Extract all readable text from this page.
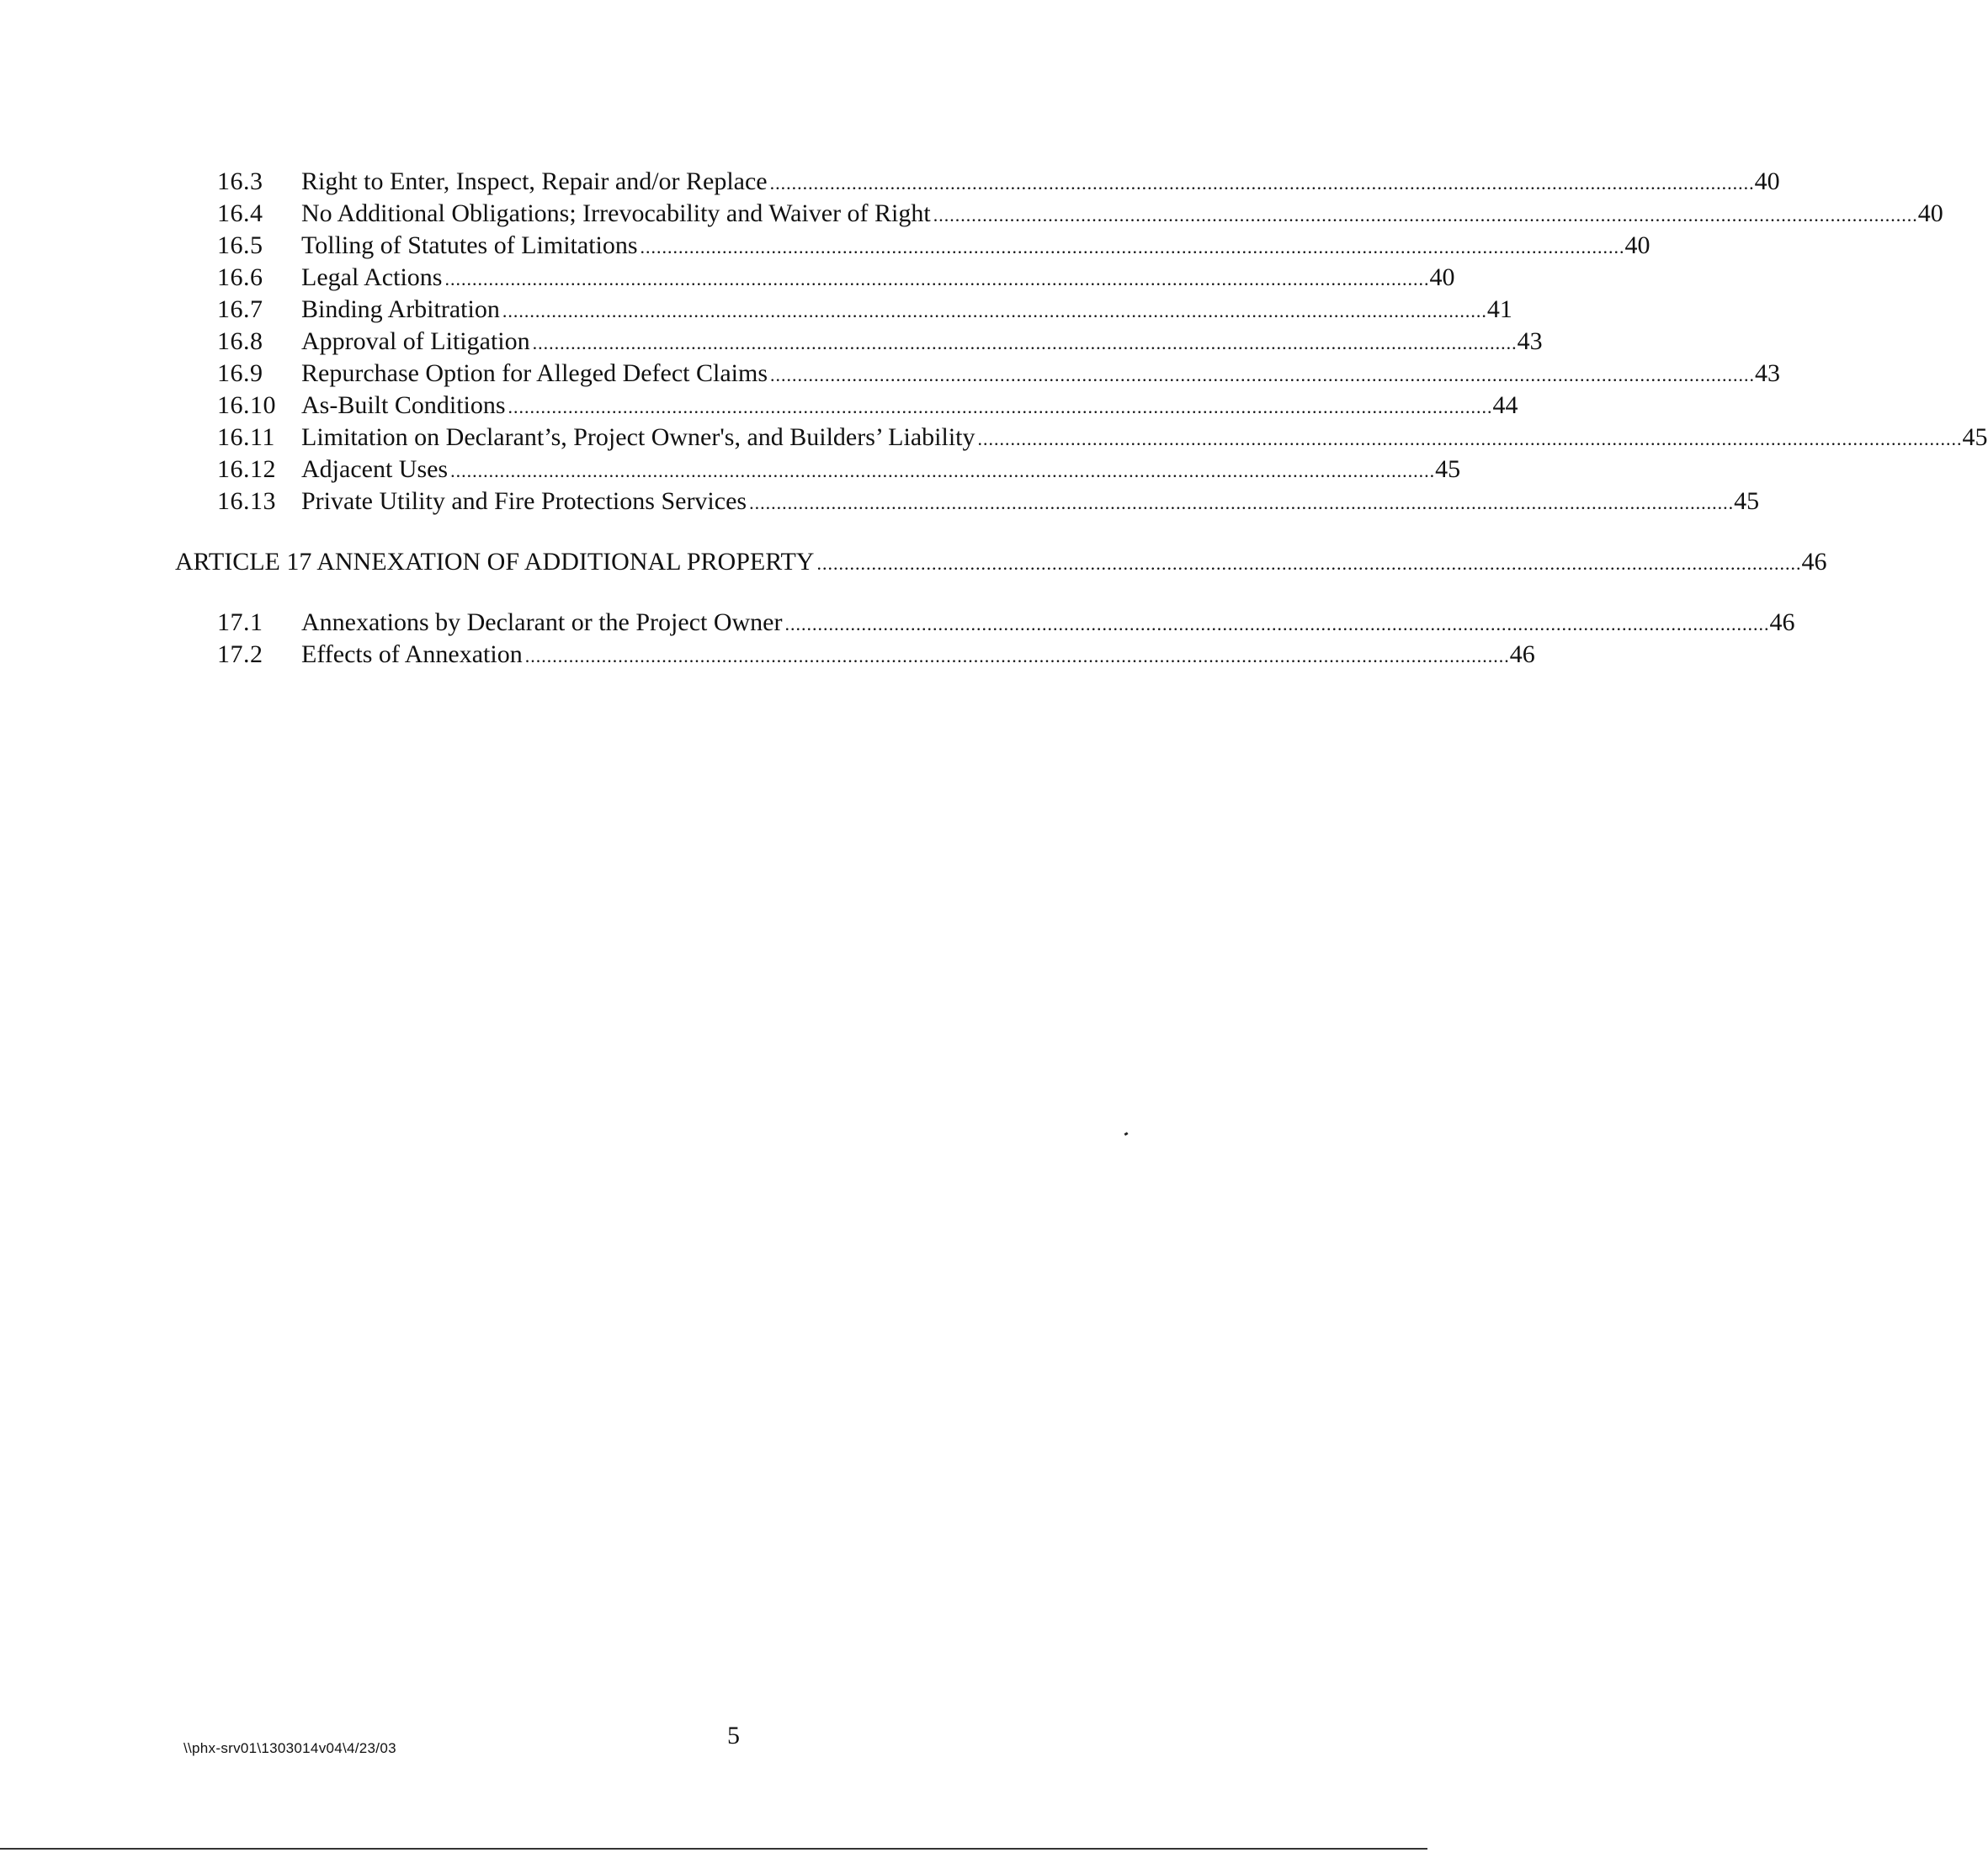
16.3 Right to Enter, Inspect, Repair and/or Replace .................................................................................................................................................................................... 40
16.4 No Additional Obligations; Irrevocability and Waiver of Right .................................................................................................................................................................................... 40
16.5 Tolling of Statutes of Limitations .................................................................................................................................................................................... 40
16.6 Legal Actions .................................................................................................................................................................................... 40
16.7 Binding Arbitration .................................................................................................................................................................................... 41
16.8 Approval of Litigation .................................................................................................................................................................................... 43
16.9 Repurchase Option for Alleged Defect Claims .................................................................................................................................................................................... 43
16.10 As-Built Conditions .................................................................................................................................................................................... 44
16.11 Limitation on Declarant’s, Project Owner's, and Builders’ Liability .................................................................................................................................................................................... 45
16.12 Adjacent Uses .................................................................................................................................................................................... 45
16.13 Private Utility and Fire Protections Services .................................................................................................................................................................................... 45
ARTICLE 17 ANNEXATION OF ADDITIONAL PROPERTY .................................................................................................................................................................................... 46
17.1 Annexations by Declarant or the Project Owner .................................................................................................................................................................................... 46
17.2 Effects of Annexation .................................................................................................................................................................................... 46
\\phx-srv01\1303014v04\4/23/03	5
